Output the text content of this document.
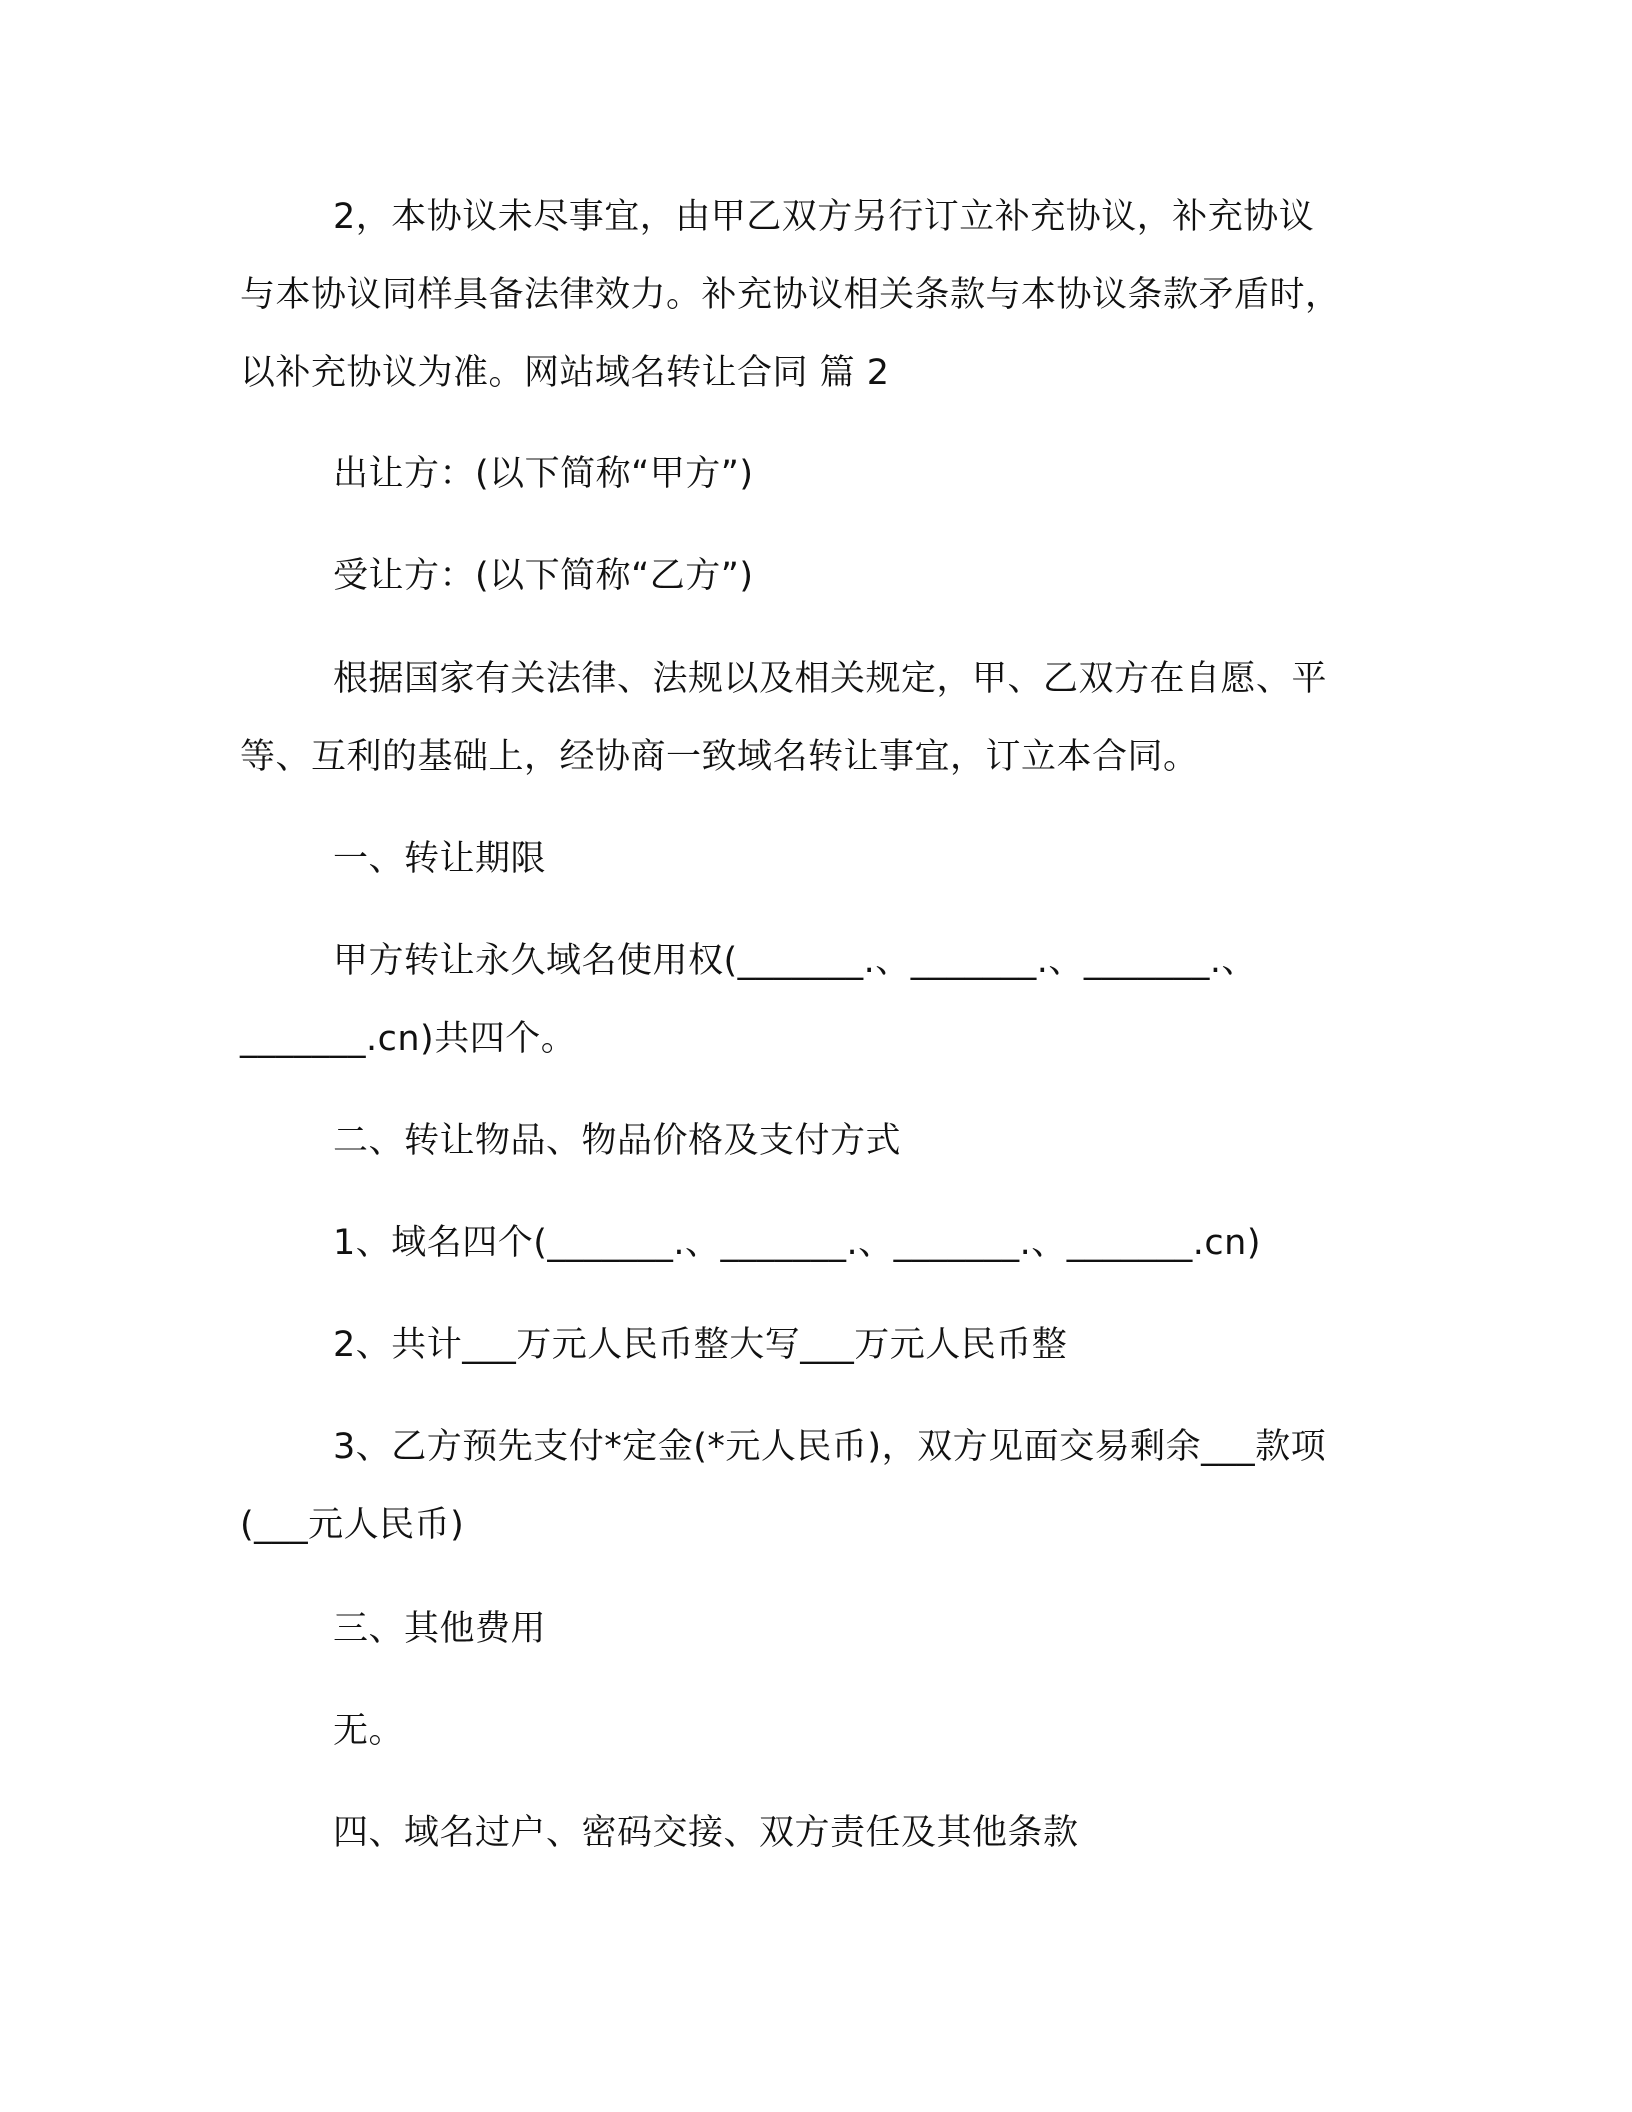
2，本协议未尽事宜，由甲乙双方另行订立补充协议，补充协议

与本协议同样具备法律效力。补充协议相关条款与本协议条款矛盾时，

以补充协议为准。网站域名转让合同 篇 2

出让方：(以下简称“甲方”)

受让方：(以下简称“乙方”)

根据国家有关法律、法规以及相关规定，甲、乙双方在自愿、平

等、互利的基础上，经协商一致域名转让事宜，订立本合同。

一、转让期限

甲方转让永久域名使用权(_______.、_______.、_______.、

_______.cn)共四个。

二、转让物品、物品价格及支付方式

1、域名四个(_______.、_______.、_______.、_______.cn)

2、共计___万元人民币整大写___万元人民币整

3、乙方预先支付*定金(*元人民币)，双方见面交易剩余___款项

(___元人民币)

三、其他费用

无。

四、域名过户、密码交接、双方责任及其他条款
